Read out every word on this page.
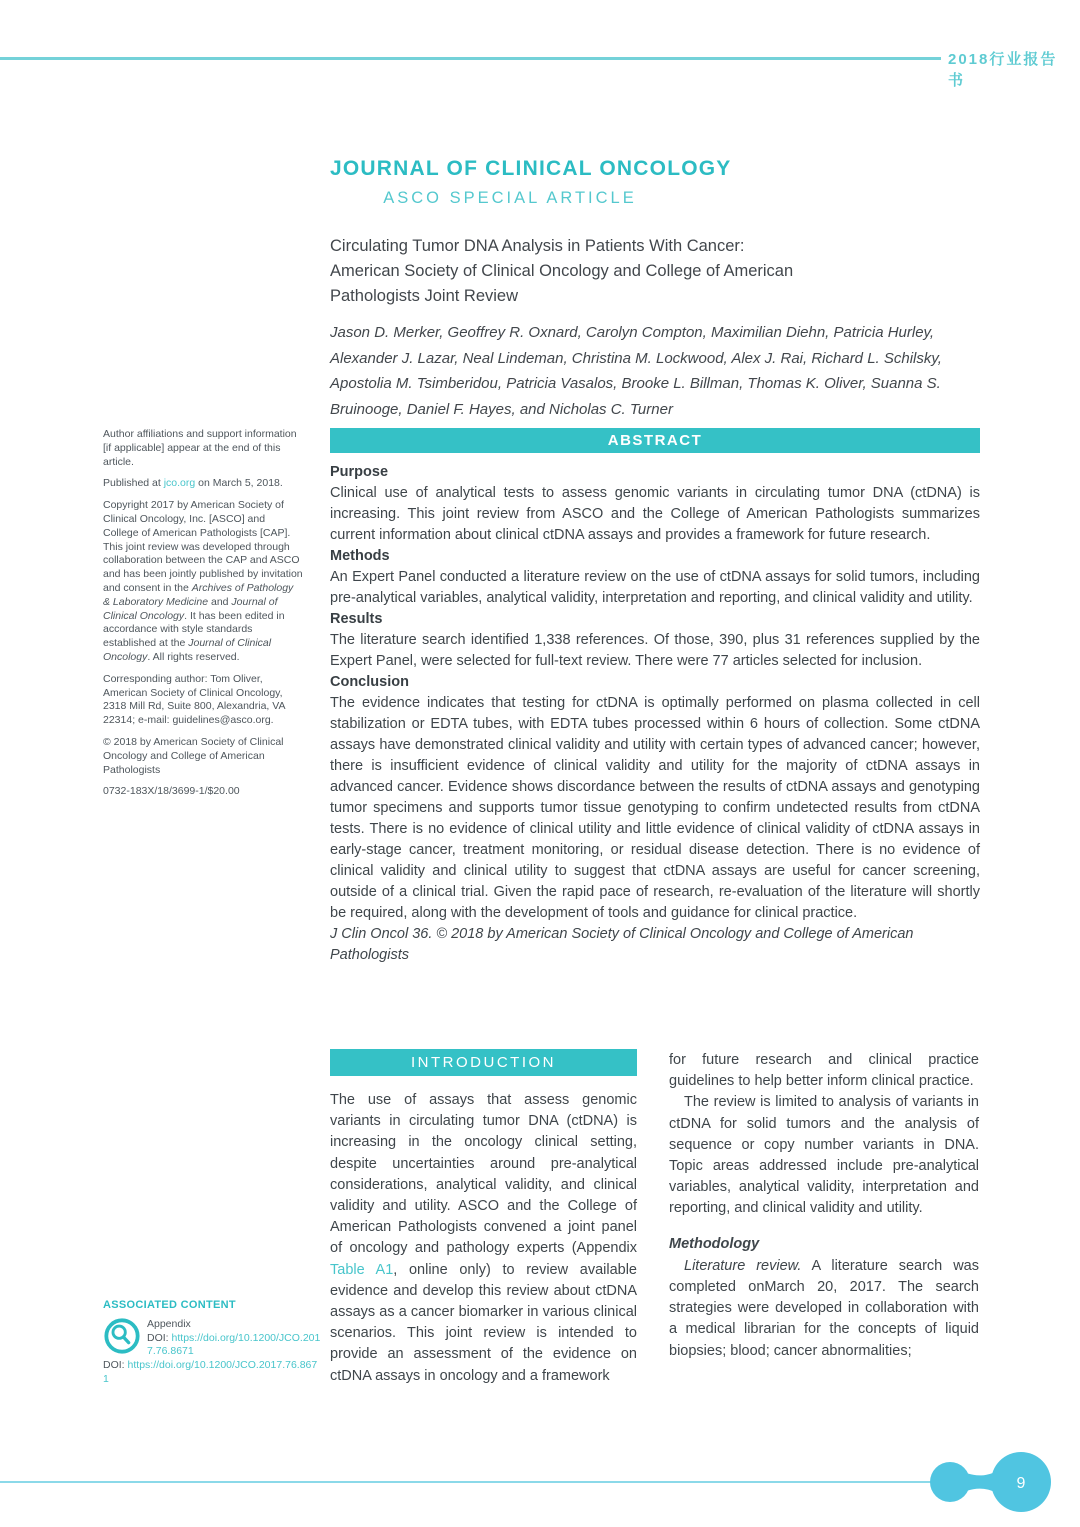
2018行业报告书
JOURNAL OF CLINICAL ONCOLOGY
ASCO SPECIAL ARTICLE
Circulating Tumor DNA Analysis in Patients With Cancer: American Society of Clinical Oncology and College of American Pathologists Joint Review
Jason D. Merker, Geoffrey R. Oxnard, Carolyn Compton, Maximilian Diehn, Patricia Hurley, Alexander J. Lazar, Neal Lindeman, Christina M. Lockwood, Alex J. Rai, Richard L. Schilsky, Apostolia M. Tsimberidou, Patricia Vasalos, Brooke L. Billman, Thomas K. Oliver, Suanna S. Bruinooge, Daniel F. Hayes, and Nicholas C. Turner

Author affiliations and support information [if applicable] appear at the end of this article.

Published at jco.org on March 5, 2018.

Copyright 2017 by American Society of Clinical Oncology, Inc. [ASCO] and College of American Pathologists [CAP]. This joint review was developed through collaboration between the CAP and ASCO and has been jointly published by invitation and consent in the Archives of Pathology & Laboratory Medicine and Journal of Clinical Oncology. It has been edited in accordance with style standards established at the Journal of Clinical Oncology. All rights reserved.

Corresponding author: Tom Oliver, American Society of Clinical Oncology, 2318 Mill Rd, Suite 800, Alexandria, VA 22314; e-mail: guidelines@asco.org.

© 2018 by American Society of Clinical Oncology and College of American Pathologists

0732-183X/18/3699-1/$20.00

ABSTRACT
Purpose

Clinical use of analytical tests to assess genomic variants in circulating tumor DNA (ctDNA) is increasing. This joint review from ASCO and the College of American Pathologists summarizes current information about clinical ctDNA assays and provides a framework for future research.

Methods

An Expert Panel conducted a literature review on the use of ctDNA assays for solid tumors, including pre-analytical variables, analytical validity, interpretation and reporting, and clinical validity and utility.

Results

The literature search identified 1,338 references. Of those, 390, plus 31 references supplied by the Expert Panel, were selected for full-text review. There were 77 articles selected for inclusion.

Conclusion

The evidence indicates that testing for ctDNA is optimally performed on plasma collected in cell stabilization or EDTA tubes, with EDTA tubes processed within 6 hours of collection. Some ctDNA assays have demonstrated clinical validity and utility with certain types of advanced cancer; however, there is insufficient evidence of clinical validity and utility for the majority of ctDNA assays in advanced cancer. Evidence shows discordance between the results of ctDNA assays and genotyping tumor specimens and supports tumor tissue genotyping to confirm undetected results from ctDNA tests. There is no evidence of clinical utility and little evidence of clinical validity of ctDNA assays in early-stage cancer, treatment monitoring, or residual disease detection. There is no evidence of clinical validity and clinical utility to suggest that ctDNA assays are useful for cancer screening, outside of a clinical trial. Given the rapid pace of research, re-evaluation of the literature will shortly be required, along with the development of tools and guidance for clinical practice.

J Clin Oncol 36. © 2018 by American Society of Clinical Oncology and College of American Pathologists

INTRODUCTION

The use of assays that assess genomic variants in circulating tumor DNA (ctDNA) is increasing in the oncology clinical setting, despite uncertainties around pre-analytical considerations, analytical validity, and clinical validity and utility. ASCO and the College of American Pathologists convened a joint panel of oncology and pathology experts (Appendix Table A1, online only) to review available evidence and develop this review about ctDNA assays as a cancer biomarker in various clinical scenarios. This joint review is intended to provide an assessment of the evidence on ctDNA assays in oncology and a framework

for future research and clinical practice guidelines to help better inform clinical practice.

The review is limited to analysis of variants in ctDNA for solid tumors and the analysis of sequence or copy number variants in DNA. Topic areas addressed include pre-analytical variables, analytical validity, interpretation and reporting, and clinical validity and utility.

Methodology

Literature review. A literature search was completed onMarch 20, 2017. The search strategies were developed in collaboration with a medical librarian for the concepts of liquid biopsies; blood; cancer abnormalities;

ASSOCIATED CONTENT
Appendix
DOI: https://doi.org/10.1200/JCO.2017.76.8671
DOI: https://doi.org/10.1200/JCO.2017.76.8671
9
